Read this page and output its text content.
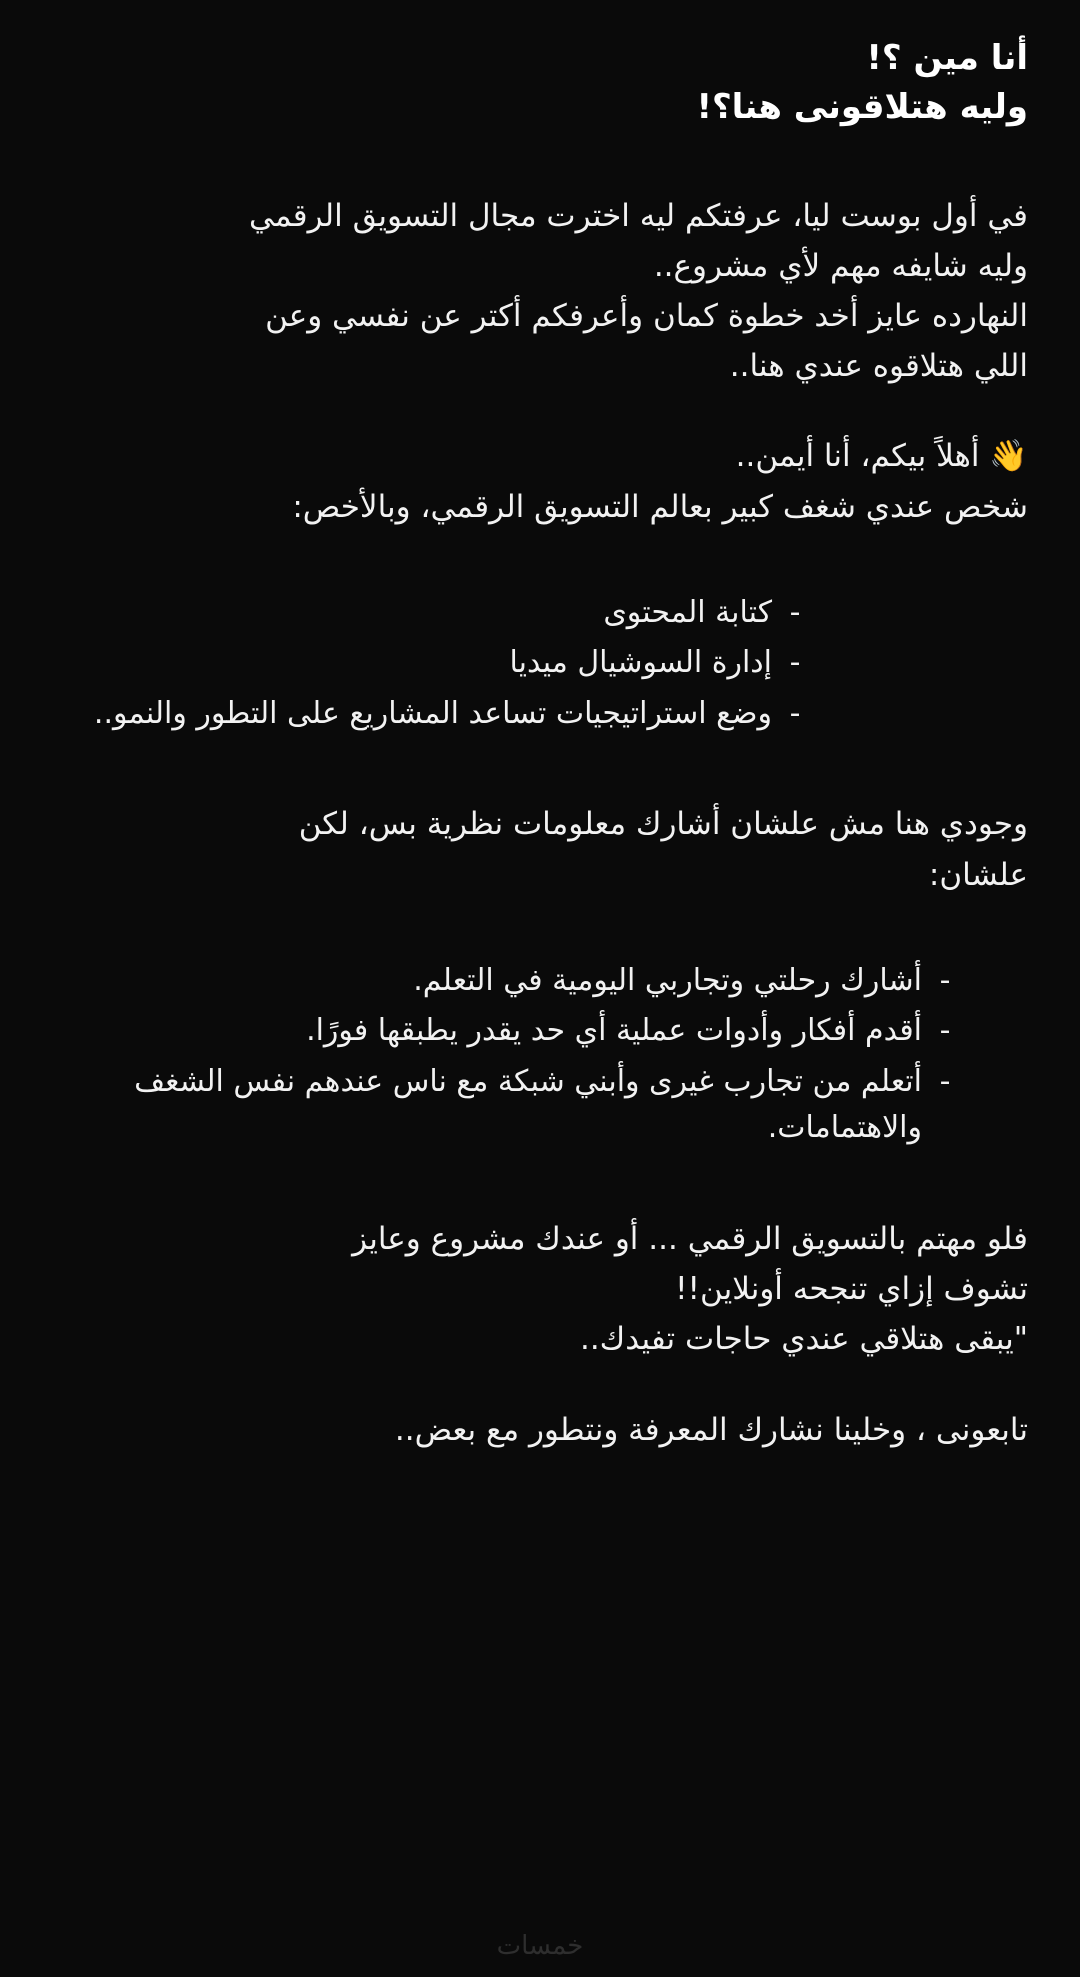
أنا مين ؟!
وليه هتلاقونى هنا؟!
في أول بوست ليا، عرفتكم ليه اخترت مجال التسويق الرقمي
وليه شايفه مهم لأي مشروع..
النهارده عايز أخد خطوة كمان وأعرفكم أكتر عن نفسي وعن
اللي هتلاقوه عندي هنا..
👋 أهلاً بيكم، أنا أيمن..
شخص عندي شغف كبير بعالم التسويق الرقمي، وبالأخص:
-
كتابة المحتوى
-
إدارة السوشيال ميديا
-
وضع استراتيجيات تساعد المشاريع على التطور والنمو..
وجودي هنا مش علشان أشارك معلومات نظرية بس، لكن
علشان:
-
أشارك رحلتي وتجاربي اليومية في التعلم.
-
أقدم أفكار وأدوات عملية أي حد يقدر يطبقها فورًا.
-
أتعلم من تجارب غيرى وأبني شبكة مع ناس عندهم نفس الشغف والاهتمامات.
فلو مهتم بالتسويق الرقمي ... أو عندك مشروع وعايز
تشوف إزاي تنجحه أونلاين!!
"يبقى هتلاقي عندي حاجات تفيدك..
تابعونى ، وخلينا نشارك المعرفة ونتطور مع بعض..
خمسات
